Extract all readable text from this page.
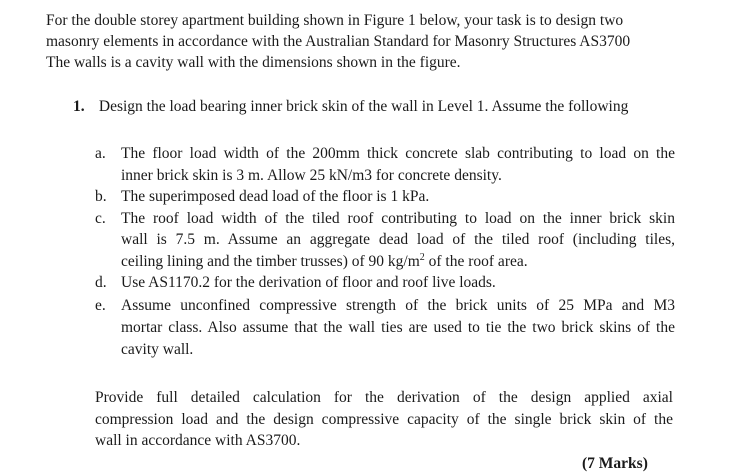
For the double storey apartment building shown in Figure 1 below, your task is to design two
masonry elements in accordance with the Australian Standard for Masonry Structures AS3700
The walls is a cavity wall with the dimensions shown in the figure.
1. Design the load bearing inner brick skin of the wall in Level 1. Assume the following
a. The floor load width of the 200mm thick concrete slab contributing to load on the
inner brick skin is 3 m. Allow 25 kN/m3 for concrete density.
b. The superimposed dead load of the floor is 1 kPa.
c. The roof load width of the tiled roof contributing to load on the inner brick skin
wall is 7.5 m. Assume an aggregate dead load of the tiled roof (including tiles,
ceiling lining and the timber trusses) of 90 $kg/m^2$ of the roof area.
d. Use AS1170.2 for the derivation of floor and roof live loads.
e. Assume unconfined compressive strength of the brick units of 25 MPa and M3
mortar class. Also assume that the wall ties are used to tie the two brick skins of the
cavity wall.
Provide full detailed calculation for the derivation of the design applied axial
compression load and the design compressive capacity of the single brick skin of the
wall in accordance with AS3700.
(7 Marks)
